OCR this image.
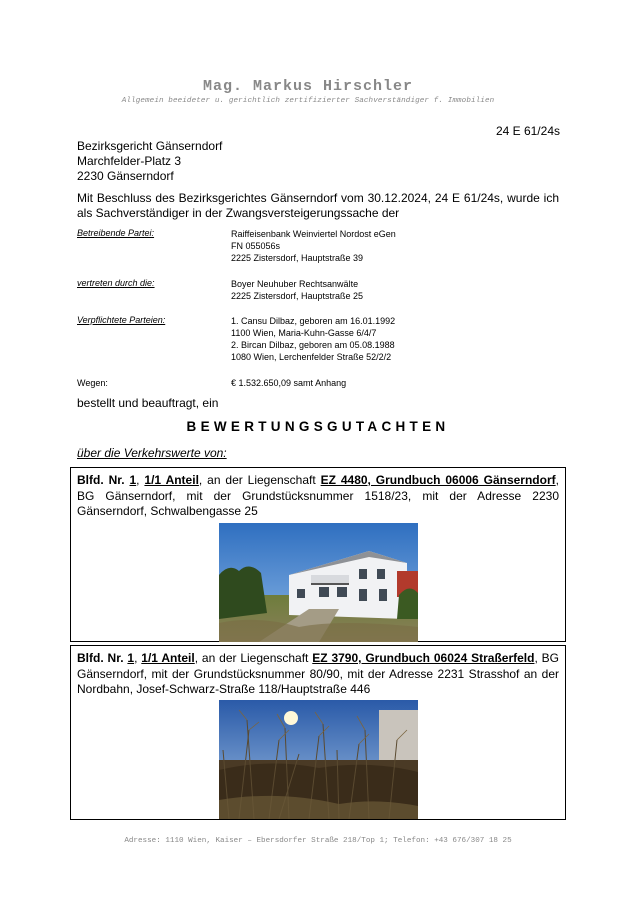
Mag. Markus Hirschler
Allgemein beeideter u. gerichtlich zertifizierter Sachverständiger f. Immobilien
24 E 61/24s
Bezirksgericht Gänserndorf
Marchfelder-Platz 3
2230 Gänserndorf
Mit Beschluss des Bezirksgerichtes Gänserndorf vom 30.12.2024, 24 E 61/24s, wurde ich als Sachverständiger in der Zwangsversteigerungssache der
Betreibende Partei:	Raiffeisenbank Weinviertel Nordost eGen
FN 055056s
2225 Zistersdorf, Hauptstraße 39
vertreten durch die:	Boyer Neuhuber Rechtsanwälte
2225 Zistersdorf, Hauptstraße 25
Verpflichtete Parteien:	1. Cansu Dilbaz, geboren am 16.01.1992
1100 Wien, Maria-Kuhn-Gasse 6/4/7
2. Bircan Dilbaz, geboren am 05.08.1988
1080 Wien, Lerchenfelder Straße 52/2/2
Wegen:	€ 1.532.650,09 samt Anhang
bestellt und beauftragt, ein
BEWERTUNGSGUTACHTEN
über die Verkehrswerte von:
Blfd. Nr. 1, 1/1 Anteil, an der Liegenschaft EZ 4480, Grundbuch 06006 Gänserndorf, BG Gänserndorf, mit der Grundstücksnummer 1518/23, mit der Adresse 2230 Gänserndorf, Schwalbengasse 25
Blfd. Nr. 1, 1/1 Anteil, an der Liegenschaft EZ 3790, Grundbuch 06024 Straßerfeld, BG Gänserndorf, mit der Grundstücksnummer 80/90, mit der Adresse 2231 Strasshof an der Nordbahn, Josef-Schwarz-Straße 118/Hauptstraße 446
Adresse: 1110 Wien, Kaiser – Ebersdorfer Straße 218/Top 1; Telefon: +43 676/307 18 25
